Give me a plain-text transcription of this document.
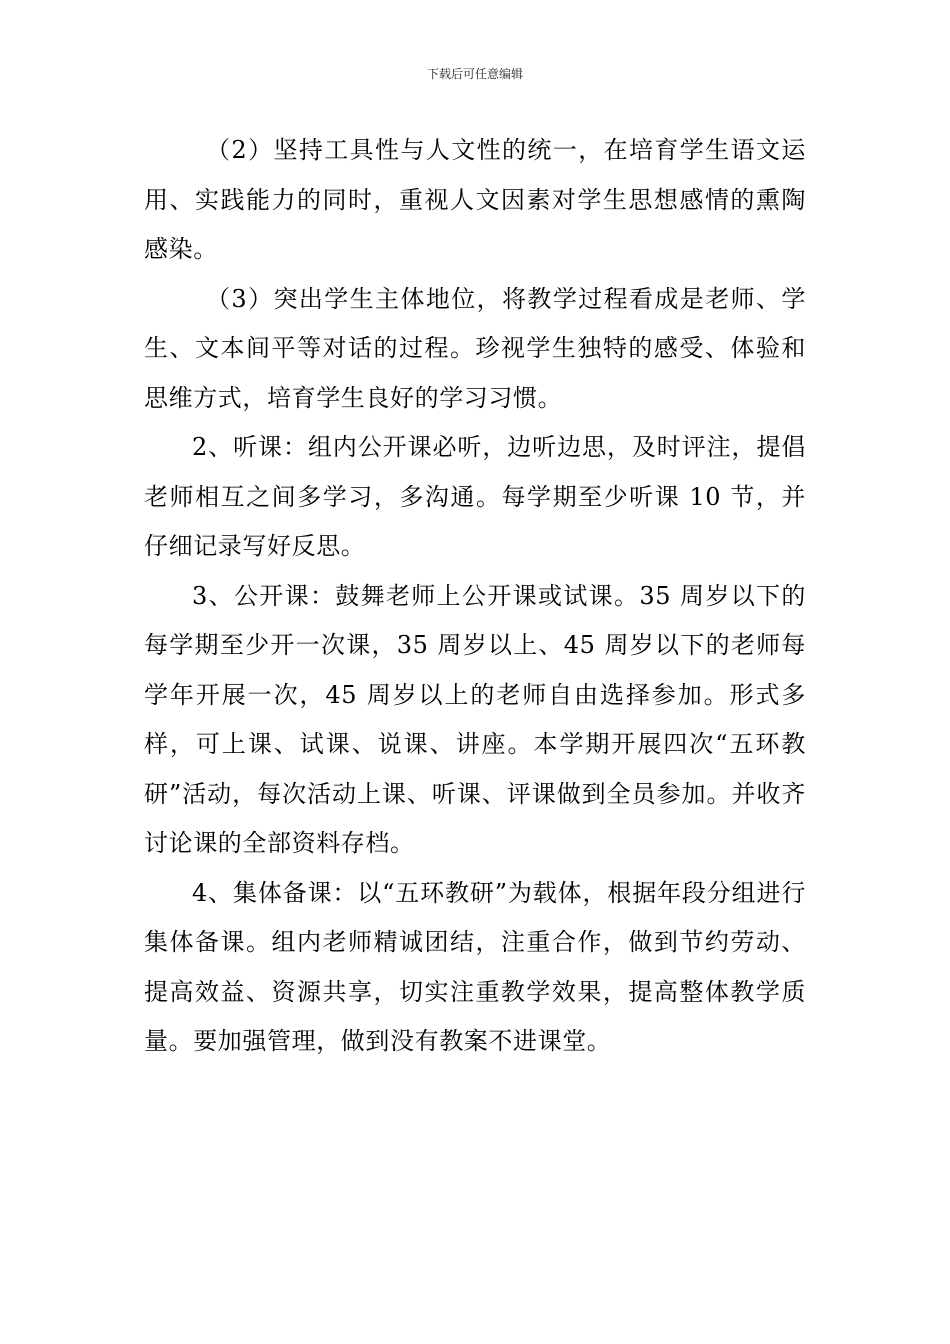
下载后可任意编辑

（2）坚持工具性与人文性的统一，在培育学生语文运用、实践能力的同时，重视人文因素对学生思想感情的熏陶感染。

（3）突出学生主体地位，将教学过程看成是老师、学生、文本间平等对话的过程。珍视学生独特的感受、体验和思维方式，培育学生良好的学习习惯。

2、听课：组内公开课必听，边听边思，及时评注，提倡老师相互之间多学习，多沟通。每学期至少听课 10 节，并仔细记录写好反思。

3、公开课：鼓舞老师上公开课或试课。35 周岁以下的每学期至少开一次课，35 周岁以上、45 周岁以下的老师每学年开展一次，45 周岁以上的老师自由选择参加。形式多样，可上课、试课、说课、讲座。本学期开展四次“五环教研”活动，每次活动上课、听课、评课做到全员参加。并收齐讨论课的全部资料存档。

4、集体备课：以“五环教研”为载体，根据年段分组进行集体备课。组内老师精诚团结，注重合作，做到节约劳动、提高效益、资源共享，切实注重教学效果，提高整体教学质量。要加强管理，做到没有教案不进课堂。
